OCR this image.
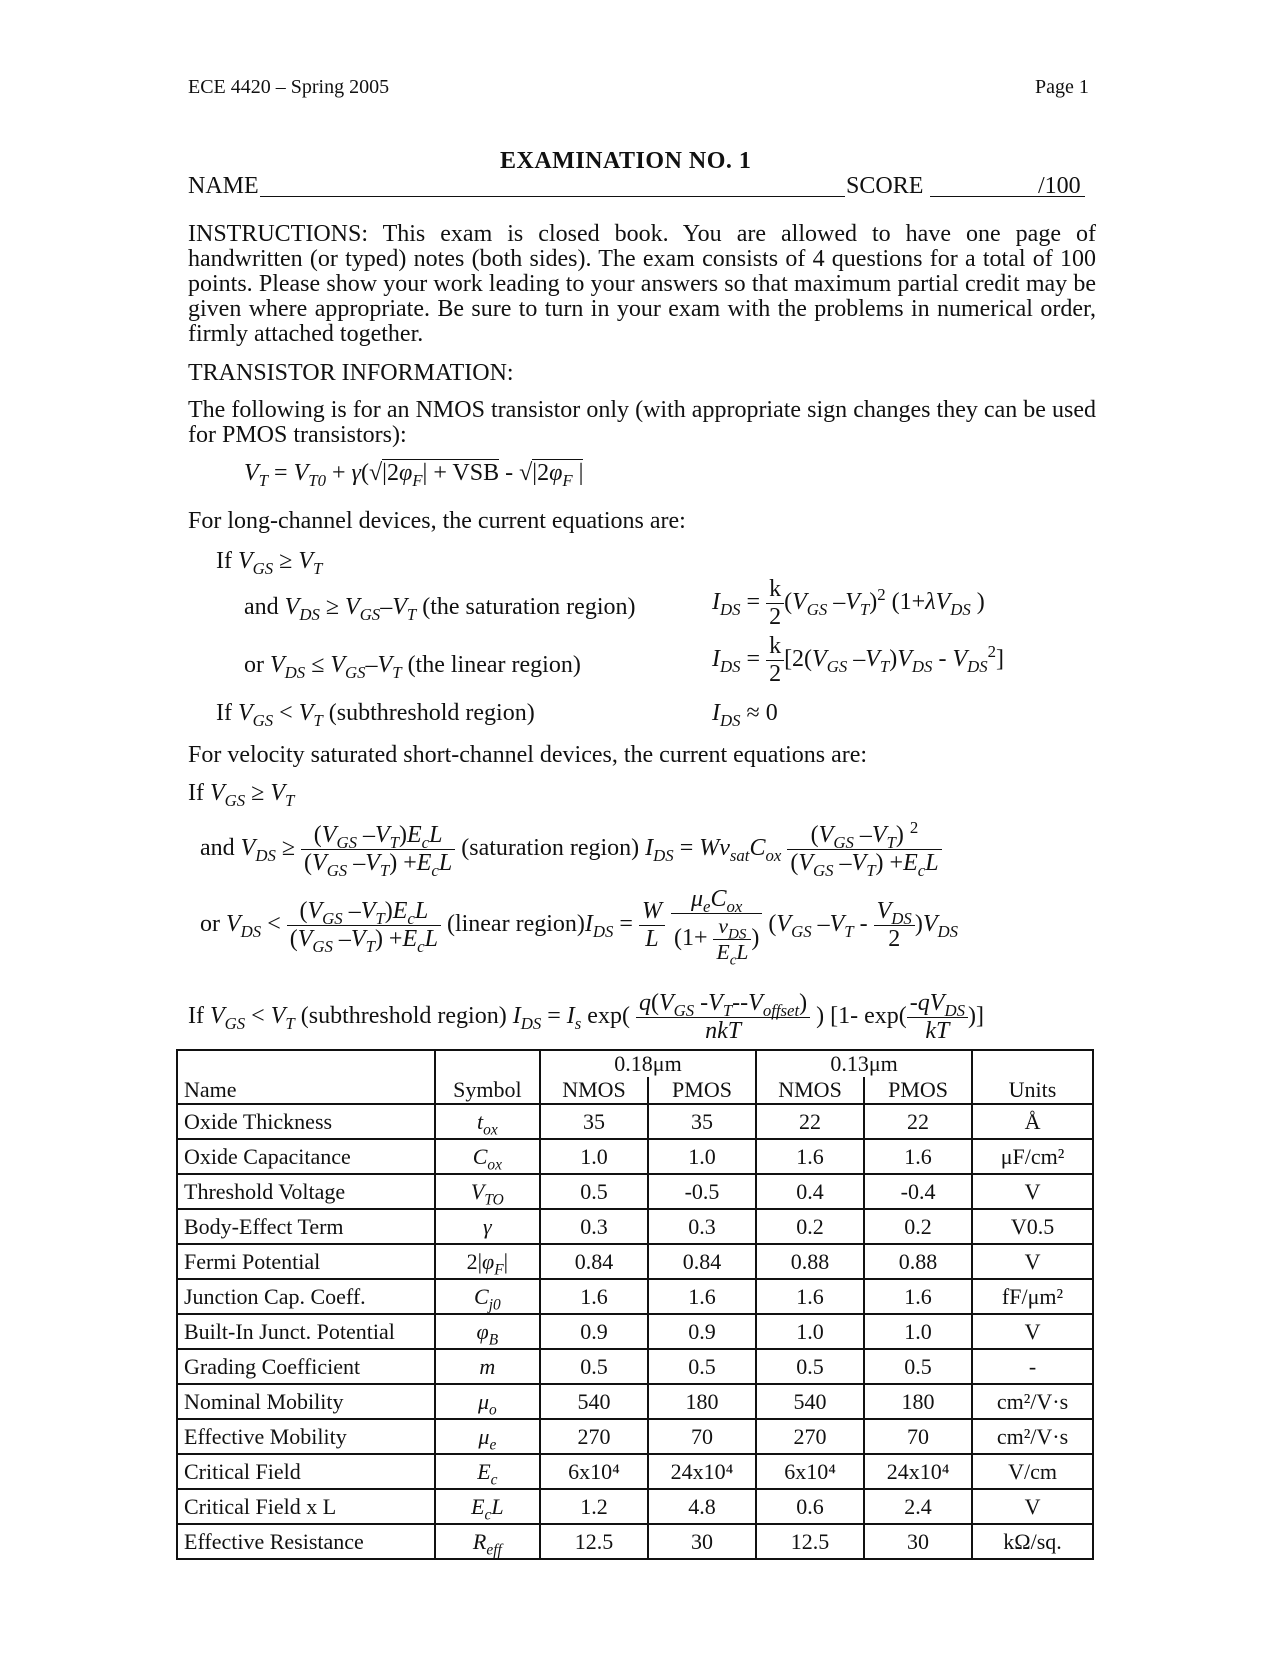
ECE 4420 – Spring 2005	Page 1
EXAMINATION NO. 1
NAME	SCORE	/100
INSTRUCTIONS: This exam is closed book. You are allowed to have one page of handwritten (or typed) notes (both sides). The exam consists of 4 questions for a total of 100 points. Please show your work leading to your answers so that maximum partial credit may be given where appropriate. Be sure to turn in your exam with the problems in numerical order, firmly attached together.
TRANSISTOR INFORMATION:
The following is for an NMOS transistor only (with appropriate sign changes they can be used for PMOS transistors):
$V_T = V_{T0} + \gamma(√|2\varphi_F|$ + VSB - $√|2\varphi_F$ |
For long-channel devices, the current equations are:
If $V_{GS} \ge V_T$
and $V_{DS} \ge V_{GS}-V_T$ (the saturation region)	$I_{DS} = \frac{k}{2} (V_{GS}$ $-V_T)^2$ ($1+\lambda V_{DS}$ )
or $V_{DS} \le V_{GS}-V_T$ (the linear region)	$I_{DS} = \frac{k}{2} [2(V_{GS}$ $-V_T)V_{DS} - V_{DS}^2$]
If $V_{GS} < V_T$ (subthreshold region)	$I_{DS} \approx 0$
For velocity saturated short-channel devices, the current equations are:
If $V_{GS} \ge V_T$
and $V_{DS} \ge \frac{(V_{GS} -V_T)E_cL}{(V_{GS} -V_T) +E_cL}$ (saturation region) $I_{DS} = Wv_{sat}C_{ox} \frac{(V_{GS} -V_T) ^2}{(V_{GS} -V_T) +E_cL}$
or $V_{DS} < \frac{(V_{GS} -V_T)E_cL}{(V_{GS} -V_T) +E_cL}$ (linear $region)I_{DS} = \frac{W}{L}$
$\frac{\mu_eC_{ox}}{(1+ \frac{v_{DS}}{E_cL} )} (V_{GS}$ $-V_T - \frac{V_{DS}}{2} )V_{DS}$
If $V_{GS} < V_T$ (subthreshold region) $I_{DS} = I_s$ $\exp( \frac{q(V_{GS} -V_T--V_{offset})}{\text{nkT}}$ ) [1- $\exp( \frac{-qV_{DS}}{kT}$ )]
		0.18μm		0.13μm		
Name	Symbol	NMOS	PMOS	NMOS	PMOS	Units
Oxide Thickness	$t_{ox}$	35	35	22	22	Å
Oxide Capacitance	$C_{ox}$	1.0	1.0	1.6	1.6	μF/cm²
Threshold Voltage	$V_{TO}$	0.5	-0.5	0.4	-0.4	V
Body-Effect Term	γ	0.3	0.3	0.2	0.2	V0.5
Fermi Potential	$2|\varphi_F|$	0.84	0.84	0.88	0.88	V
Junction Cap. Coeff.	$C_{j0}$	1.6	1.6	1.6	1.6	fF/μm²
Built-In Junct. Potential	$\varphi_B$	0.9	0.9	1.0	1.0	V
Grading Coefficient	m	0.5	0.5	0.5	0.5	-
Nominal Mobility	$\mu_o$	540	180	540	180	cm²/V·s
Effective Mobility	$\mu_e$	270	70	270	70	cm²/V·s
Critical Field	$E_c$	6x10⁴	24x10⁴	6x10⁴	24x10⁴	V/cm
Critical Field x L	$E_cL$	1.2	4.8	0.6	2.4	V
Effective Resistance	$R_{eff}$	12.5	30	12.5	30	kΩ/sq.
